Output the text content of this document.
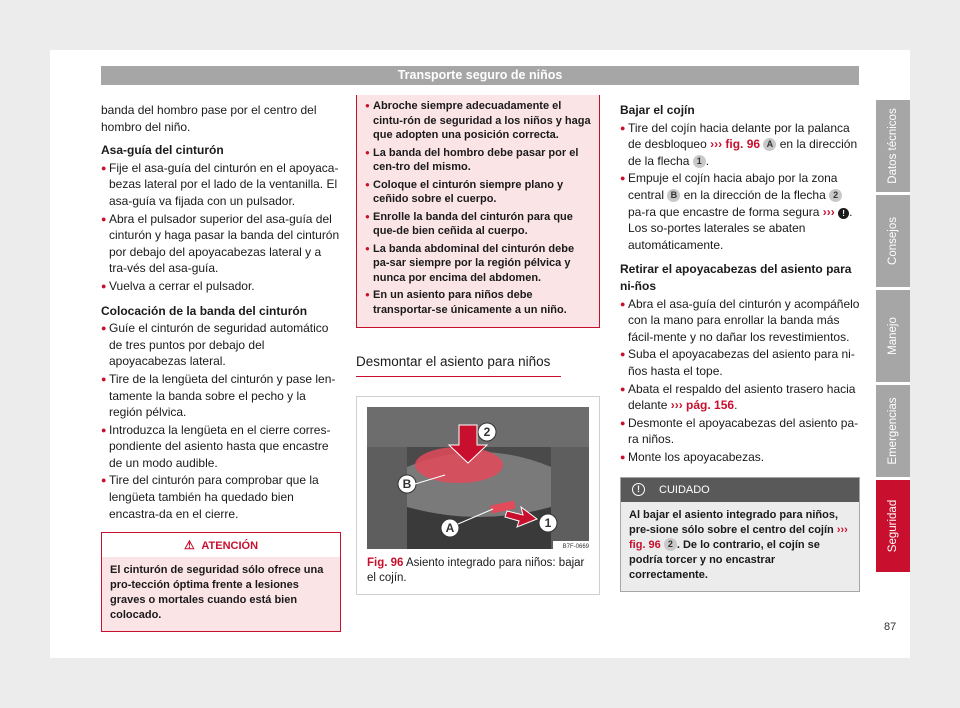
Transporte seguro de niños

banda del hombro pase por el centro del hombro del niño.

Asa-guía del cinturón
● Fije el asa-guía del cinturón en el apoyaca-bezas lateral por el lado de la ventanilla. El asa-guía va fijada con un pulsador.
● Abra el pulsador superior del asa-guía del cinturón y haga pasar la banda del cinturón por debajo del apoyacabezas lateral y a tra-vés del asa-guía.
● Vuelva a cerrar el pulsador.
Colocación de la banda del cinturón
● Guíe el cinturón de seguridad automático de tres puntos por debajo del apoyacabezas lateral.
● Tire de la lengüeta del cinturón y pase len-tamente la banda sobre el pecho y la región pélvica.
● Introduzca la lengüeta en el cierre corres-pondiente del asiento hasta que encastre de un modo audible.
● Tire del cinturón para comprobar que la lengüeta también ha quedado bien encastra-da en el cierre.
⚠ ATENCIÓN
El cinturón de seguridad sólo ofrece una pro-tección óptima frente a lesiones graves o mortales cuando está bien colocado.
● Abroche siempre adecuadamente el cintu-rón de seguridad a los niños y haga que adopten una posición correcta.
● La banda del hombro debe pasar por el cen-tro del mismo.
● Coloque el cinturón siempre plano y ceñido sobre el cuerpo.
● Enrolle la banda del cinturón para que que-de bien ceñida al cuerpo.
● La banda abdominal del cinturón debe pa-sar siempre por la región pélvica y nunca por encima del abdomen.
● En un asiento para niños debe transportar-se únicamente a un niño.
Desmontar el asiento para niños
2
B
A	1
B7F-0669
Fig. 96 Asiento integrado para niños: bajar el cojín.
Bajar el cojín
● Tire del cojín hacia delante por la palanca de desbloqueo ››› fig. 96 A en la dirección de la flecha 1 .
● Empuje el cojín hacia abajo por la zona central B en la dirección de la flecha 2 pa-ra que encastre de forma segura ››› ! . Los so-portes laterales se abaten automáticamente.
Retirar el apoyacabezas del asiento para ni-ños
● Abra el asa-guía del cinturón y acompáñelo con la mano para enrollar la banda más fácil-mente y no dañar los revestimientos.
● Suba el apoyacabezas del asiento para ni-ños hasta el tope.
● Abata el respaldo del asiento trasero hacia delante ››› pág. 156.
● Desmonte el apoyacabezas del asiento pa-ra niños.
● Monte los apoyacabezas.
!	CUIDADO
Al bajar el asiento integrado para niños, pre-sione sólo sobre el centro del cojín ››› fig. 96 2 . De lo contrario, el cojín se podría torcer y no encastrar correctamente.
Datos técnicos
Consejos
Manejo
Emergencias
Seguridad
87
